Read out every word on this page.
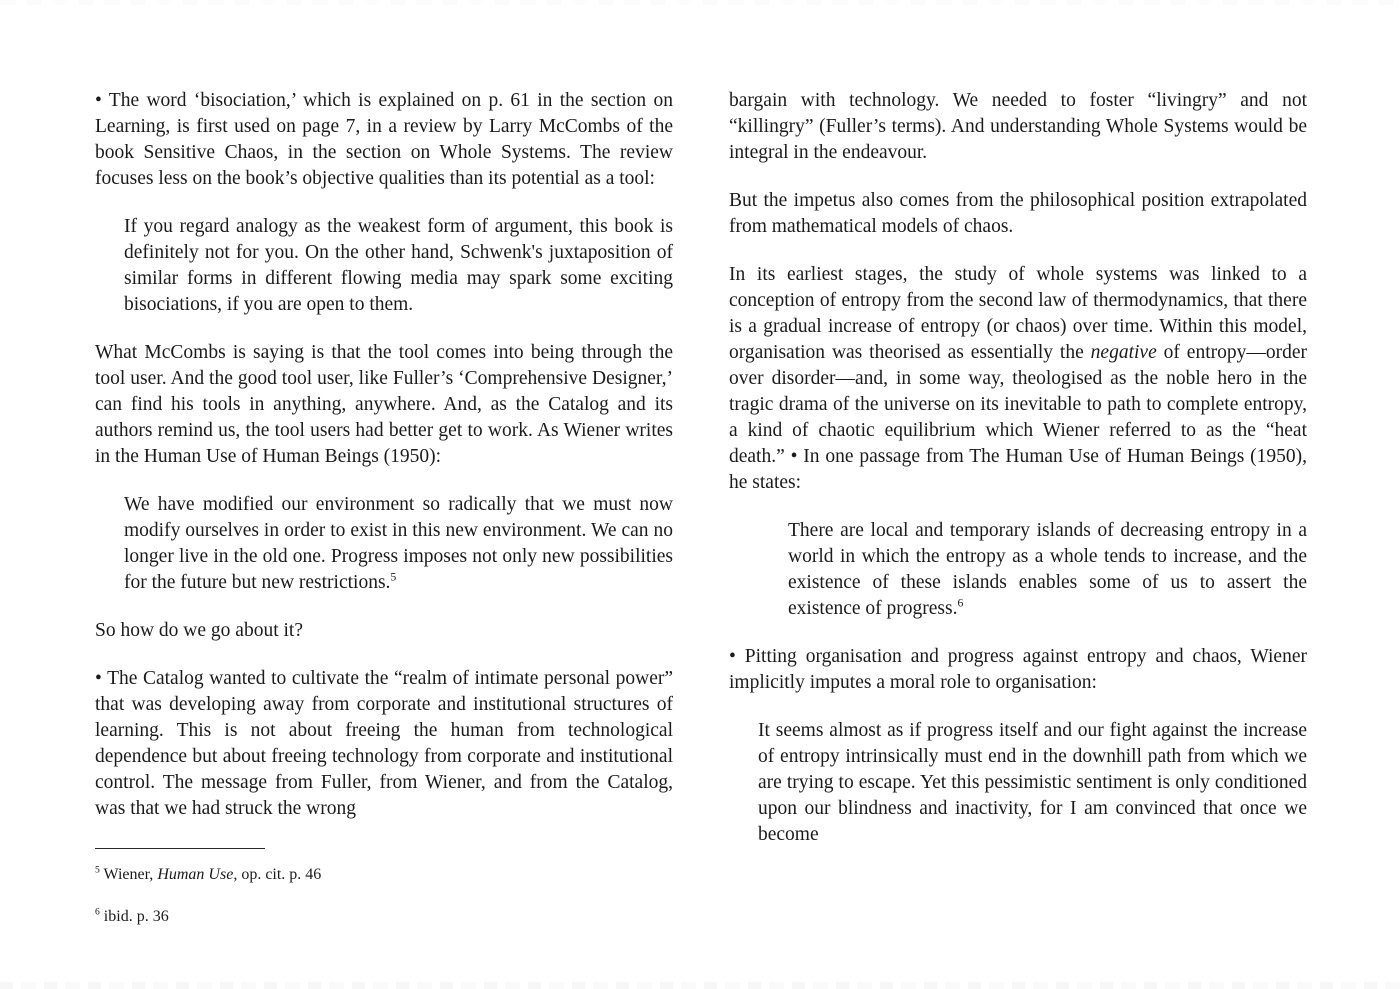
• The word ‘bisociation,’ which is explained on p. 61 in the section on Learning, is first used on page 7, in a review by Larry McCombs of the book Sensitive Chaos, in the section on Whole Systems. The review focuses less on the book’s objective qualities than its potential as a tool:

If you regard analogy as the weakest form of argument, this book is definitely not for you. On the other hand, Schwenk's juxtaposition of similar forms in different flowing media may spark some exciting bisociations, if you are open to them.

What McCombs is saying is that the tool comes into being through the tool user. And the good tool user, like Fuller’s ‘Comprehensive Designer,’ can find his tools in anything, anywhere. And, as the Catalog and its authors remind us, the tool users had better get to work. As Wiener writes in the Human Use of Human Beings (1950):

We have modified our environment so radically that we must now modify ourselves in order to exist in this new environment. We can no longer live in the old one. Progress imposes not only new possibilities for the future but new restrictions.$^5$

So how do we go about it?

• The Catalog wanted to cultivate the “realm of intimate personal power” that was developing away from corporate and institutional structures of learning. This is not about freeing the human from technological dependence but about freeing technology from corporate and institutional control. The message from Fuller, from Wiener, and from the Catalog, was that we had struck the wrong

$^5$ Wiener, Human Use, op. cit. p. 46

$^6$ ibid. p. 36

bargain with technology. We needed to foster “livingry” and not “killingry” (Fuller’s terms). And understanding Whole Systems would be integral in the endeavour.

But the impetus also comes from the philosophical position extrapolated from mathematical models of chaos.

In its earliest stages, the study of whole systems was linked to a conception of entropy from the second law of thermodynamics, that there is a gradual increase of entropy (or chaos) over time. Within this model, organisation was theorised as essentially the negative of entropy—order over disorder—and, in some way, theologised as the noble hero in the tragic drama of the universe on its inevitable to path to complete entropy, a kind of chaotic equilibrium which Wiener referred to as the “heat death.” • In one passage from The Human Use of Human Beings (1950), he states:

There are local and temporary islands of decreasing entropy in a world in which the entropy as a whole tends to increase, and the existence of these islands enables some of us to assert the existence of progress.$^6$

• Pitting organisation and progress against entropy and chaos, Wiener implicitly imputes a moral role to organisation:

It seems almost as if progress itself and our fight against the increase of entropy intrinsically must end in the downhill path from which we are trying to escape. Yet this pessimistic sentiment is only conditioned upon our blindness and inactivity, for I am convinced that once we become
